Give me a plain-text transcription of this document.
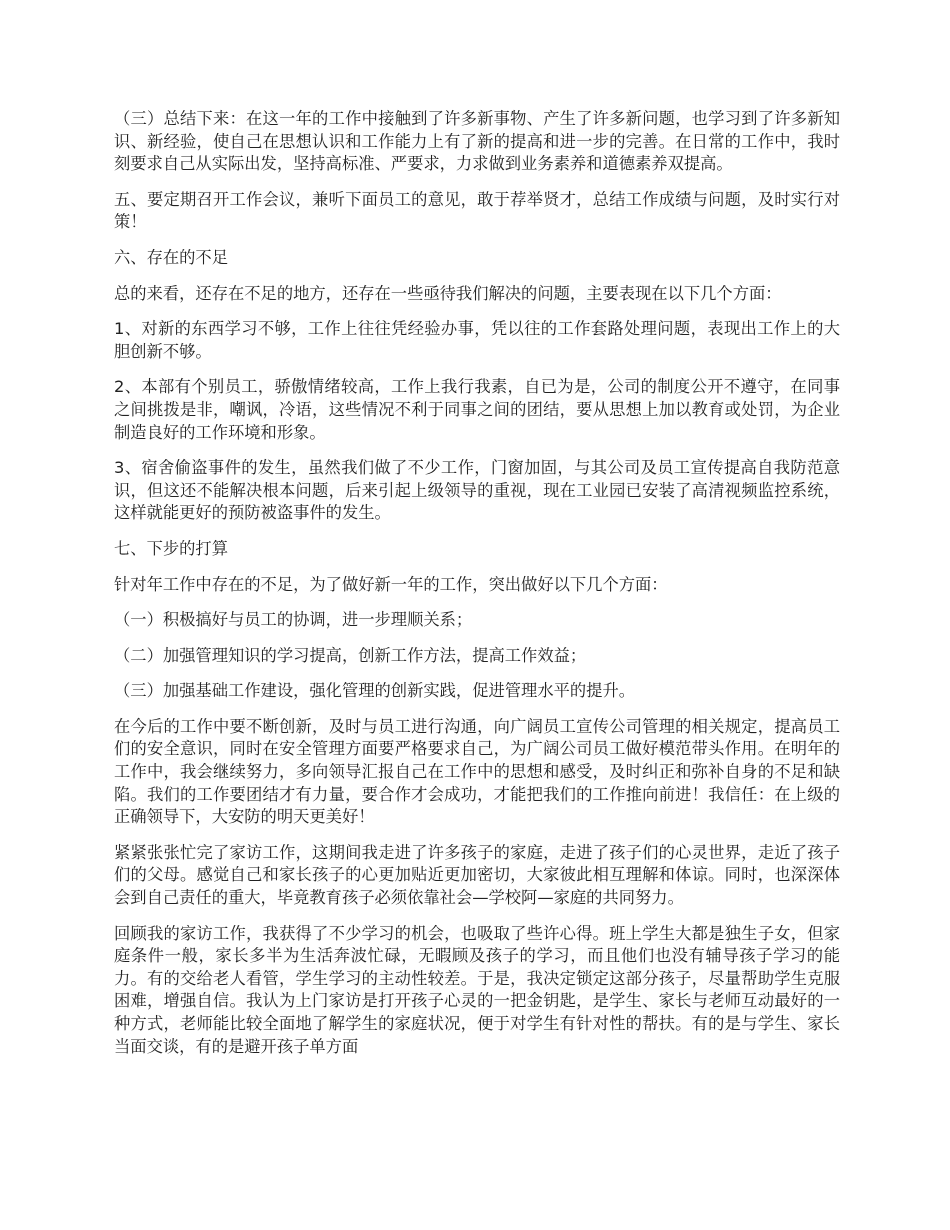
（三）总结下来：在这一年的工作中接触到了许多新事物、产生了许多新问题，也学习到了许多新知识、新经验，使自己在思想认识和工作能力上有了新的提高和进一步的完善。在日常的工作中，我时刻要求自己从实际出发，坚持高标准、严要求，力求做到业务素养和道德素养双提高。

五、要定期召开工作会议，兼听下面员工的意见，敢于荐举贤才，总结工作成绩与问题，及时实行对策！

六、存在的不足

总的来看，还存在不足的地方，还存在一些亟待我们解决的问题，主要表现在以下几个方面：

1、对新的东西学习不够，工作上往往凭经验办事，凭以往的工作套路处理问题，表现出工作上的大胆创新不够。

2、本部有个别员工，骄傲情绪较高，工作上我行我素，自已为是，公司的制度公开不遵守，在同事之间挑拨是非，嘲讽，冷语，这些情况不利于同事之间的团结，要从思想上加以教育或处罚，为企业制造良好的工作环境和形象。

3、宿舍偷盗事件的发生，虽然我们做了不少工作，门窗加固，与其公司及员工宣传提高自我防范意识，但这还不能解决根本问题，后来引起上级领导的重视，现在工业园已安装了高清视频监控系统，这样就能更好的预防被盗事件的发生。

七、下步的打算

针对年工作中存在的不足，为了做好新一年的工作，突出做好以下几个方面：

（一）积极搞好与员工的协调，进一步理顺关系；

（二）加强管理知识的学习提高，创新工作方法，提高工作效益；

（三）加强基础工作建设，强化管理的创新实践，促进管理水平的提升。

在今后的工作中要不断创新，及时与员工进行沟通，向广阔员工宣传公司管理的相关规定，提高员工们的安全意识，同时在安全管理方面要严格要求自己，为广阔公司员工做好模范带头作用。在明年的工作中，我会继续努力，多向领导汇报自己在工作中的思想和感受，及时纠正和弥补自身的不足和缺陷。我们的工作要团结才有力量，要合作才会成功，才能把我们的工作推向前进！我信任：在上级的正确领导下，大安防的明天更美好！

紧紧张张忙完了家访工作，这期间我走进了许多孩子的家庭，走进了孩子们的心灵世界，走近了孩子们的父母。感觉自己和家长孩子的心更加贴近更加密切，大家彼此相互理解和体谅。同时，也深深体会到自己责任的重大，毕竟教育孩子必须依靠社会—学校阿—家庭的共同努力。

回顾我的家访工作，我获得了不少学习的机会，也吸取了些许心得。班上学生大都是独生子女，但家庭条件一般，家长多半为生活奔波忙碌，无暇顾及孩子的学习，而且他们也没有辅导孩子学习的能力。有的交给老人看管，学生学习的主动性较差。于是，我决定锁定这部分孩子，尽量帮助学生克服困难，增强自信。我认为上门家访是打开孩子心灵的一把金钥匙，是学生、家长与老师互动最好的一种方式，老师能比较全面地了解学生的家庭状况，便于对学生有针对性的帮扶。有的是与学生、家长当面交谈，有的是避开孩子单方面
